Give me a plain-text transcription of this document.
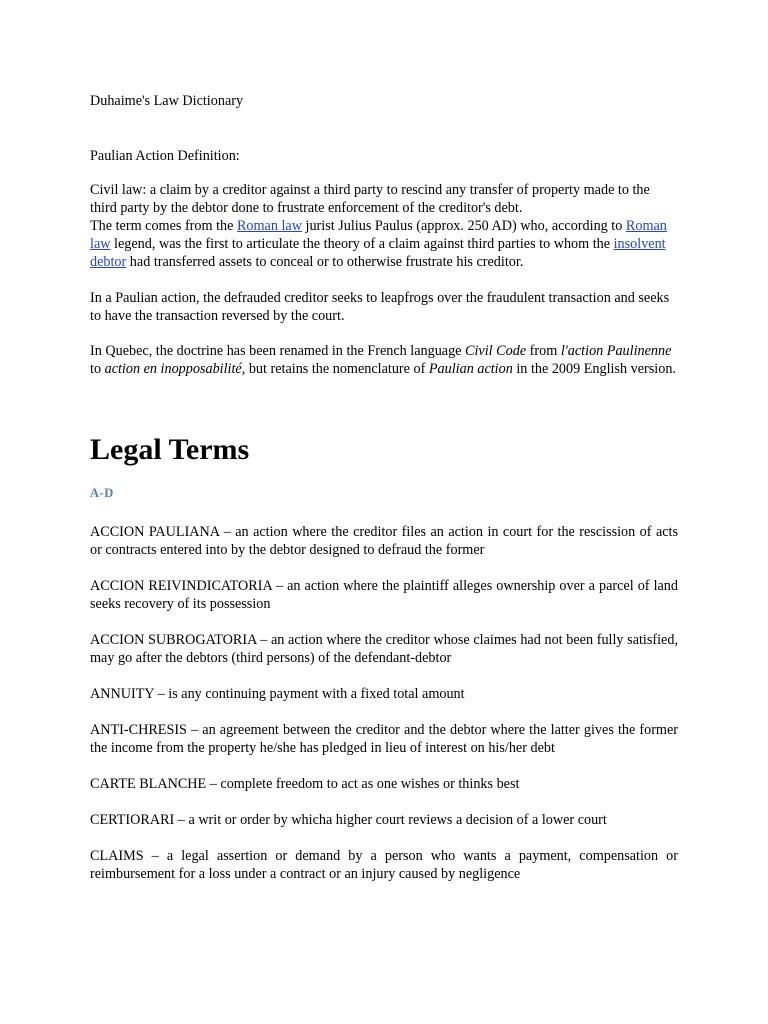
Duhaime's Law Dictionary

Paulian Action Definition:

Civil law: a claim by a creditor against a third party to rescind any transfer of property made to the third party by the debtor done to frustrate enforcement of the creditor's debt.
The term comes from the Roman law jurist Julius Paulus (approx. 250 AD) who, according to Roman law legend, was the first to articulate the theory of a claim against third parties to whom the insolvent debtor had transferred assets to conceal or to otherwise frustrate his creditor.

In a Paulian action, the defrauded creditor seeks to leapfrogs over the fraudulent transaction and seeks to have the transaction reversed by the court.

In Quebec, the doctrine has been renamed in the French language Civil Code from l'action Paulinenne to action en inopposabilité, but retains the nomenclature of Paulian action in the 2009 English version.

Legal Terms
A-D

ACCION PAULIANA – an action where the creditor files an action in court for the rescission of acts or contracts entered into by the debtor designed to defraud the former

ACCION REIVINDICATORIA – an action where the plaintiff alleges ownership over a parcel of land seeks recovery of its possession

ACCION SUBROGATORIA – an action where the creditor whose claimes had not been fully satisfied, may go after the debtors (third persons) of the defendant-debtor

ANNUITY – is any continuing payment with a fixed total amount

ANTI-CHRESIS – an agreement between the creditor and the debtor where the latter gives the former the income from the property he/she has pledged in lieu of interest on his/her debt

CARTE BLANCHE – complete freedom to act as one wishes or thinks best

CERTIORARI – a writ or order by whicha higher court reviews a decision of a lower court

CLAIMS – a legal assertion or demand by a person who wants a payment, compensation or reimbursement for a loss under a contract or an injury caused by negligence
